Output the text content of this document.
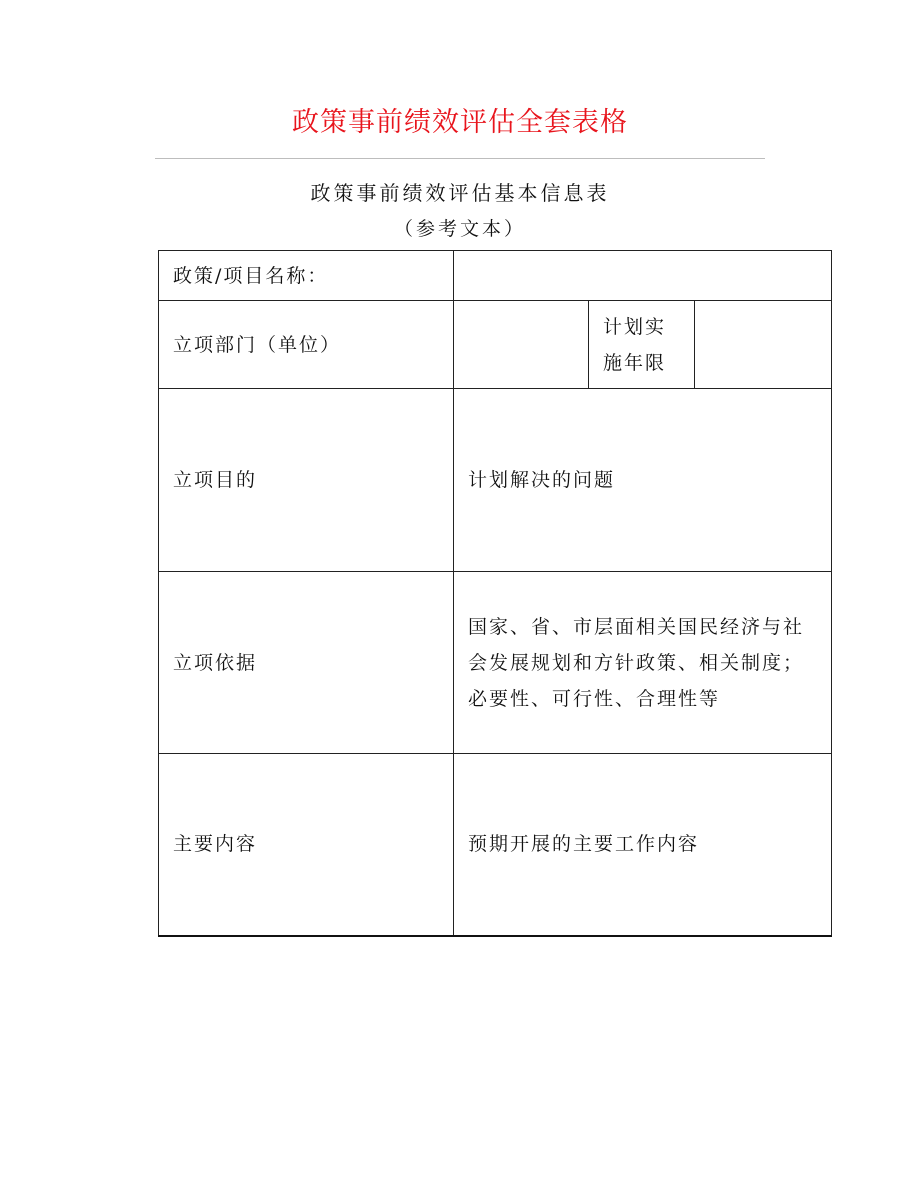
政策事前绩效评估全套表格
政策事前绩效评估基本信息表
（参考文本）
政策/项目名称：			
立项部门（单位）		计划实施年限	
立项目的	计划解决的问题		
立项依据	国家、省、市层面相关国民经济与社会发展规划和方针政策、相关制度；必要性、可行性、合理性等		
主要内容	预期开展的主要工作内容		
